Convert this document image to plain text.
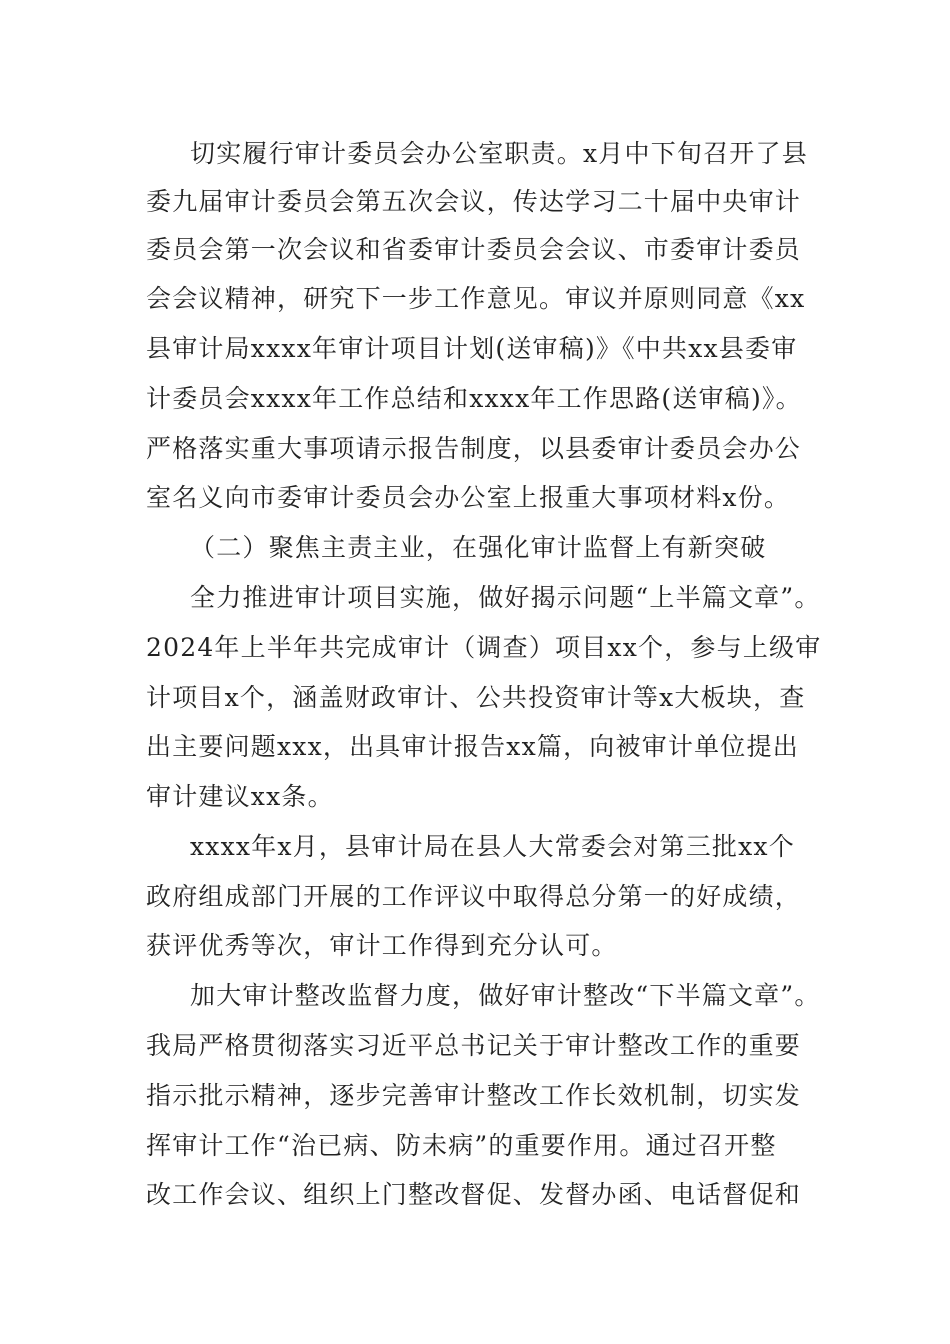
切实履行审计委员会办公室职责。x月中下旬召开了县
委九届审计委员会第五次会议，传达学习二十届中央审计
委员会第一次会议和省委审计委员会会议、市委审计委员
会会议精神，研究下一步工作意见。审议并原则同意《xx
县审计局xxxx年审计项目计划(送审稿)》《中共xx县委审
计委员会xxxx年工作总结和xxxx年工作思路(送审稿)》。
严格落实重大事项请示报告制度，以县委审计委员会办公
室名义向市委审计委员会办公室上报重大事项材料x份。
（二）聚焦主责主业，在强化审计监督上有新突破
全力推进审计项目实施，做好揭示问题“上半篇文章”。
2024年上半年共完成审计（调查）项目xx个，参与上级审
计项目x个，涵盖财政审计、公共投资审计等x大板块，查
出主要问题xxx，出具审计报告xx篇，向被审计单位提出
审计建议xx条。
xxxx年x月，县审计局在县人大常委会对第三批xx个
政府组成部门开展的工作评议中取得总分第一的好成绩，
获评优秀等次，审计工作得到充分认可。
加大审计整改监督力度，做好审计整改“下半篇文章”。
我局严格贯彻落实习近平总书记关于审计整改工作的重要
指示批示精神，逐步完善审计整改工作长效机制，切实发
挥审计工作“治已病、防未病”的重要作用。通过召开整
改工作会议、组织上门整改督促、发督办函、电话督促和
